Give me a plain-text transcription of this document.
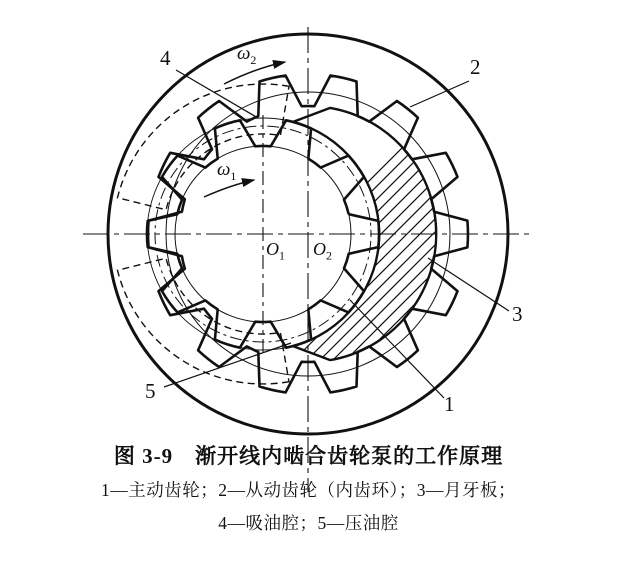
4	2
3
1
5
$\omega_2$
$\omega_1$
$O_1$ $O_2$
图 3-9　渐开线内啮合齿轮泵的工作原理
1—主动齿轮；2—从动齿轮（内齿环）；3—月牙板；
4—吸油腔；5—压油腔
